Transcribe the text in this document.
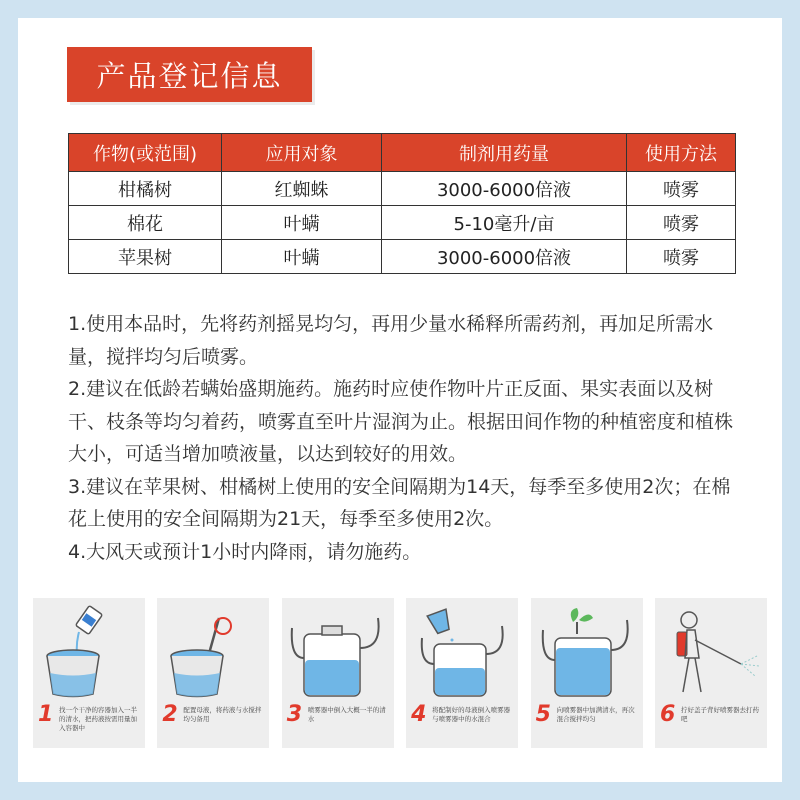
产品登记信息
作物(或范围)	应用对象	制剂用药量	使用方法
柑橘树	红蜘蛛	3000-6000倍液	喷雾
棉花	叶螨	5-10毫升/亩	喷雾
苹果树	叶螨	3000-6000倍液	喷雾

1.使用本品时，先将药剂摇晃均匀，再用少量水稀释所需药剂，再加足所需水量，搅拌均匀后喷雾。

2.建议在低龄若螨始盛期施药。施药时应使作物叶片正反面、果实表面以及树干、枝条等均匀着药，喷雾直至叶片湿润为止。根据田间作物的种植密度和植株大小，可适当增加喷液量，以达到较好的用效。

3.建议在苹果树、柑橘树上使用的安全间隔期为14天，每季至多使用2次；在棉花上使用的安全间隔期为21天，每季至多使用2次。

4.大风天或预计1小时内降雨，请勿施药。

1 找一个干净的容器加入一半的清水，把药液按需用量加入容器中
2 配置母液，将药液与水搅拌均匀备用	3 喷雾器中倒入大概一半的清水	4 将配制好的母液倒入喷雾器与喷雾器中的水混合	5 向喷雾器中加满清水，再次混合搅拌均匀	6 拧好盖子背好喷雾器去打药吧
